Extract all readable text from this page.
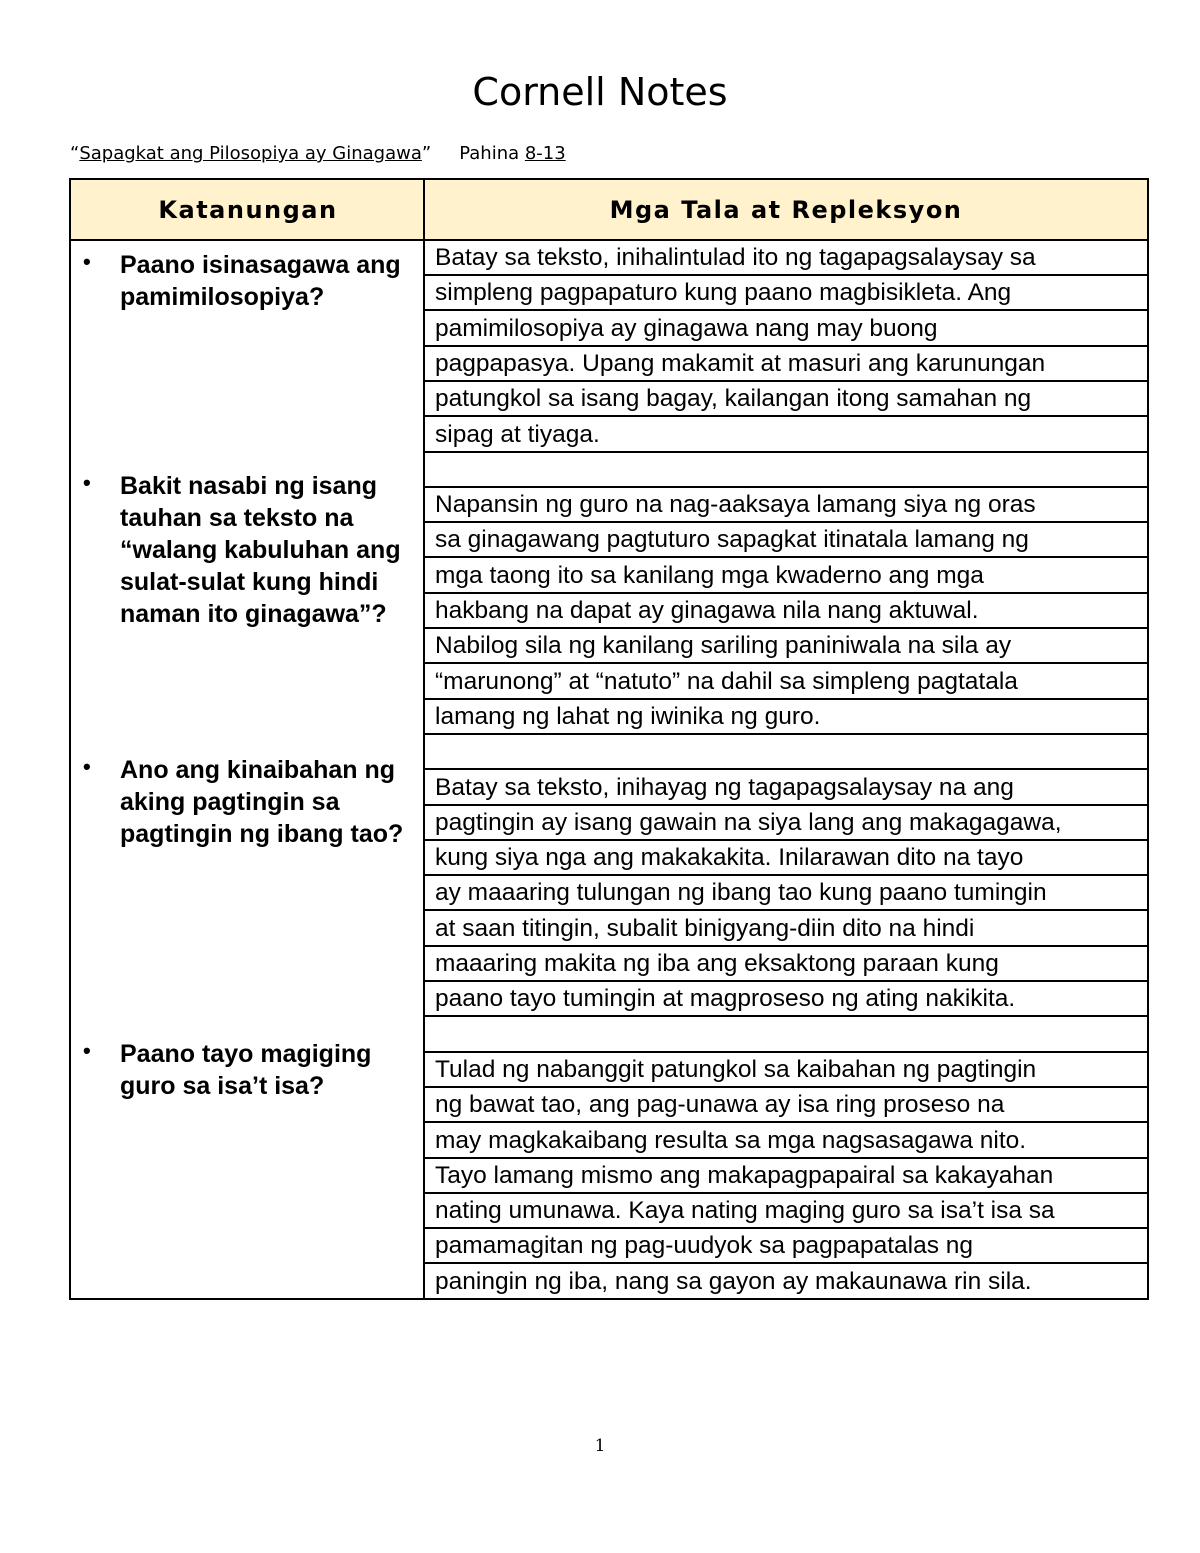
Cornell Notes
“Sapagkat ang Pilosopiya ay Ginagawa” Pahina 8-13
Katanungan	Mga Tala at Repleksyon
• Paano isinasagawa ang pamimilosopiya?
• Bakit nasabi ng isang tauhan sa teksto na “walang kabuluhan ang sulat-sulat kung hindi naman ito ginagawa”?
• Ano ang kinaibahan ng aking pagtingin sa pagtingin ng ibang tao?
• Paano tayo magiging guro sa isa’t isa?
Batay sa teksto, inihalintulad ito ng tagapagsalaysay sa
simpleng pagpapaturo kung paano magbisikleta. Ang
pamimilosopiya ay ginagawa nang may buong
pagpapasya. Upang makamit at masuri ang karunungan
patungkol sa isang bagay, kailangan itong samahan ng
sipag at tiyaga.
Napansin ng guro na nag-aaksaya lamang siya ng oras
sa ginagawang pagtuturo sapagkat itinatala lamang ng
mga taong ito sa kanilang mga kwaderno ang mga
hakbang na dapat ay ginagawa nila nang aktuwal.
Nabilog sila ng kanilang sariling paniniwala na sila ay
“marunong” at “natuto” na dahil sa simpleng pagtatala
lamang ng lahat ng iwinika ng guro.
Batay sa teksto, inihayag ng tagapagsalaysay na ang
pagtingin ay isang gawain na siya lang ang makagagawa,
kung siya nga ang makakakita. Inilarawan dito na tayo
ay maaaring tulungan ng ibang tao kung paano tumingin
at saan titingin, subalit binigyang-diin dito na hindi
maaaring makita ng iba ang eksaktong paraan kung
paano tayo tumingin at magproseso ng ating nakikita.
Tulad ng nabanggit patungkol sa kaibahan ng pagtingin
ng bawat tao, ang pag-unawa ay isa ring proseso na
may magkakaibang resulta sa mga nagsasagawa nito.
Tayo lamang mismo ang makapagpapairal sa kakayahan
nating umunawa. Kaya nating maging guro sa isa’t isa sa
pamamagitan ng pag-uudyok sa pagpapatalas ng
paningin ng iba, nang sa gayon ay makaunawa rin sila.
1
